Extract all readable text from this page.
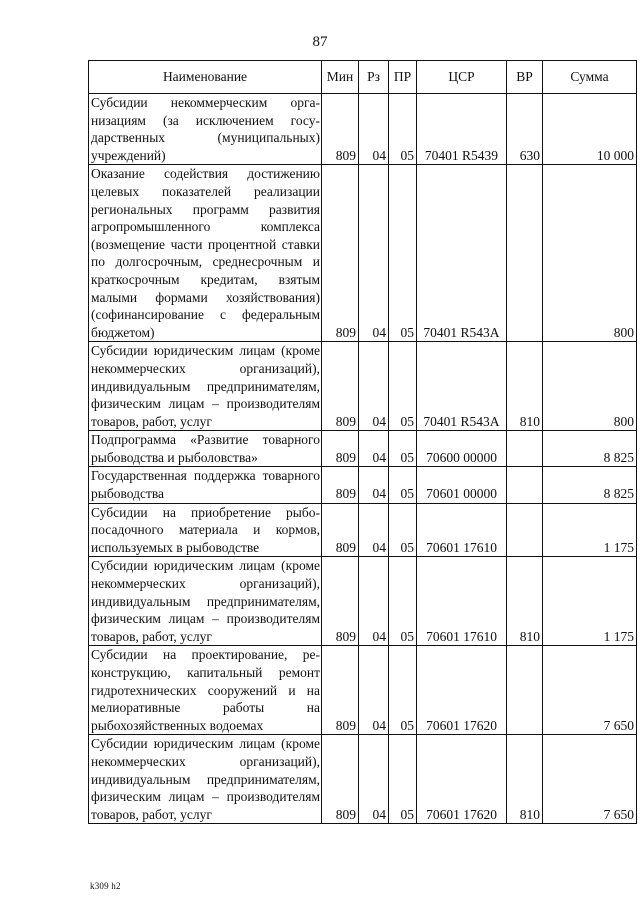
87
Наименование	Мин	Рз	ПР	ЦСР	ВР	Сумма
Субсидии некоммерческим организациям (за исключением государственных (муниципальных) учреждений)	809	04	05	70401 R5439	630	10 000
Оказание содействия достижению целевых показателей реализации региональных программ развития агропромышленного комплекса (возмещение части процентной ставки по долгосрочным, среднесрочным и краткосрочным кредитам, взятым малыми формами хозяйствования) (софинансирование с федеральным бюджетом)	809	04	05	70401 R543А		800
Субсидии юридическим лицам (кроме некоммерческих организаций), индивидуальным предпринимателям, физическим лицам – производителям товаров, работ, услуг	809	04	05	70401 R543А	810	800
Подпрограмма «Развитие товарного рыбоводства и рыболовства»	809	04	05	70600 00000		8 825
Государственная поддержка товарного рыбоводства	809	04	05	70601 00000		8 825
Субсидии на приобретение рыбопосадочного материала и кормов, используемых в рыбоводстве	809	04	05	70601 17610		1 175
Субсидии юридическим лицам (кроме некоммерческих организаций), индивидуальным предпринимателям, физическим лицам – производителям товаров, работ, услуг	809	04	05	70601 17610	810	1 175
Субсидии на проектирование, реконструкцию, капитальный ремонт гидротехнических сооружений и на мелиоративные работы на рыбохозяйственных водоемах	809	04	05	70601 17620		7 650
Субсидии юридическим лицам (кроме некоммерческих организаций), индивидуальным предпринимателям, физическим лицам – производителям товаров, работ, услуг	809	04	05	70601 17620	810	7 650
k309 h2
